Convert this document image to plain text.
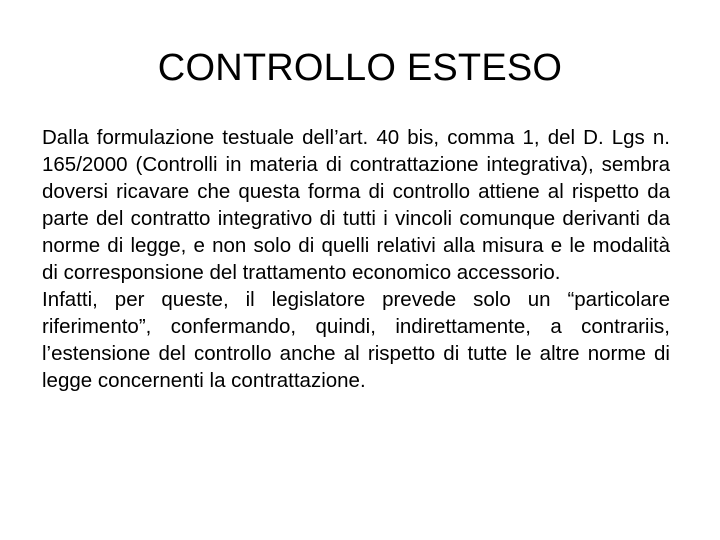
CONTROLLO ESTESO

Dalla formulazione testuale dell’art. 40 bis, comma 1, del D. Lgs n. 165/2000 (Controlli in materia di contrattazione integrativa), sembra doversi ricavare che questa forma di controllo attiene al rispetto da parte del contratto integrativo di tutti i vincoli comunque derivanti da norme di legge, e non solo di quelli relativi alla misura e le modalità di corresponsione del trattamento economico accessorio.

Infatti, per queste, il legislatore prevede solo un “particolare riferimento”, confermando, quindi, indirettamente, a contrariis, l’estensione del controllo anche al rispetto di tutte le altre norme di legge concernenti la contrattazione.
